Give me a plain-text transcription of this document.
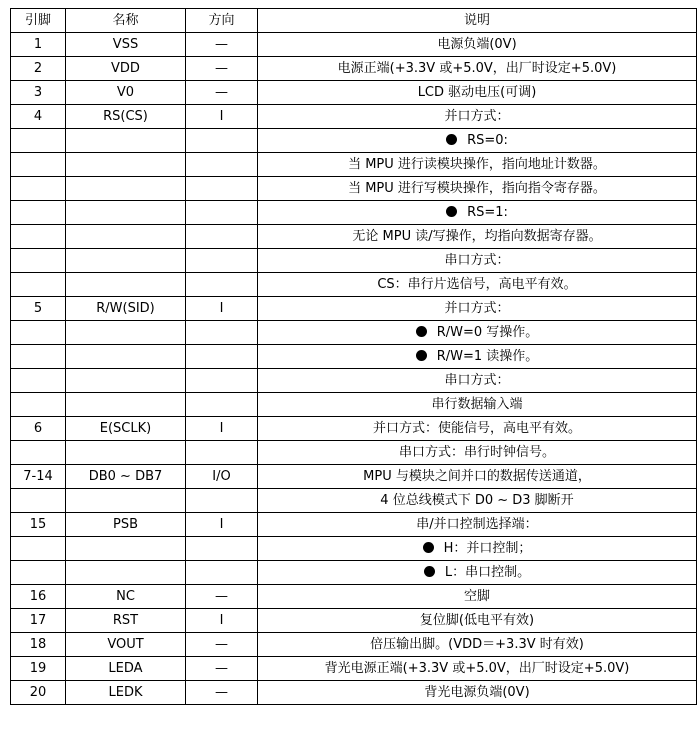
引脚	名称	方向	说明
1	VSS	—	电源负端(0V)
2	VDD	—	电源正端(+3.3V 或+5.0V，出厂时设定+5.0V)
3	V0	—	LCD 驱动电压(可调)
4	RS(CS)	I	并口方式：
			RS=0:
			当 MPU 进行读模块操作，指向地址计数器。
			当 MPU 进行写模块操作，指向指令寄存器。
			RS=1:
			无论 MPU 读/写操作，均指向数据寄存器。
			串口方式：
			CS：串行片选信号，高电平有效。
5	R/W(SID)	I	并口方式：
			R/W=0 写操作。
			R/W=1 读操作。
			串口方式：
			串行数据输入端
6	E(SCLK)	I	并口方式：使能信号，高电平有效。
			串口方式：串行时钟信号。
7-14	DB0 ~ DB7	I/O	MPU 与模块之间并口的数据传送通道，
			4 位总线模式下 D0 ~ D3 脚断开
15	PSB	I	串/并口控制选择端：
			H：并口控制；
			L：串口控制。
16	NC	—	空脚
17	RST	I	复位脚(低电平有效)
18	VOUT	—	倍压输出脚。(VDD＝+3.3V 时有效)
19	LEDA	—	背光电源正端(+3.3V 或+5.0V，出厂时设定+5.0V)
20	LEDK	—	背光电源负端(0V)
